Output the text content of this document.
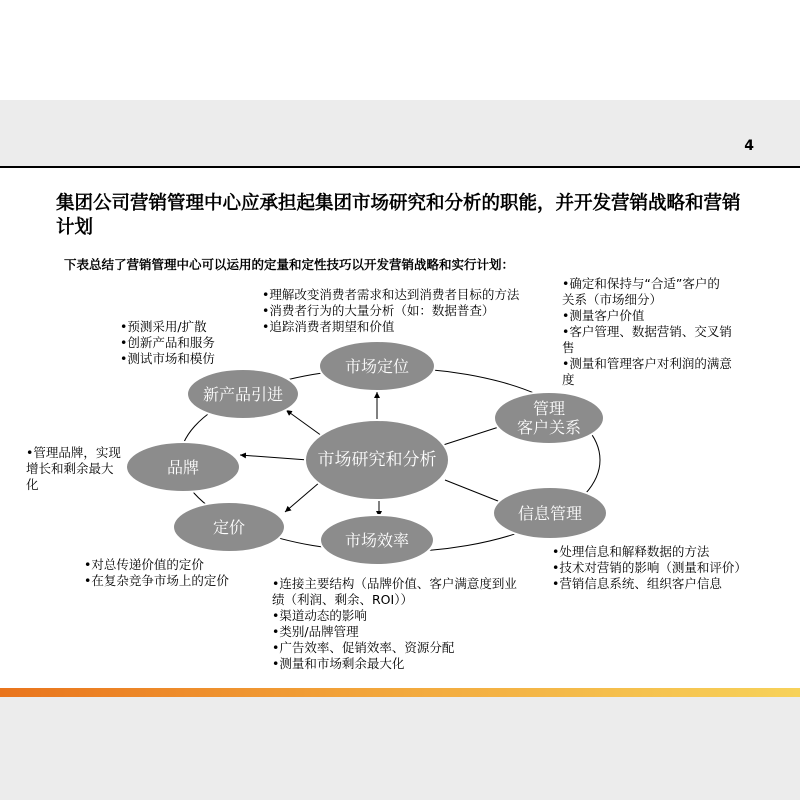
4
集团公司营销管理中心应承担起集团市场研究和分析的职能，并开发营销战略和营销计划
下表总结了营销管理中心可以运用的定量和定性技巧以开发营销战略和实行计划：
市场研究和分析
市场定位
管理
客户关系
信息管理
市场效率
定价
品牌
新产品引进
•理解改变消费者需求和达到消费者目标的方法
•消费者行为的大量分析（如：数据普查）
•追踪消费者期望和价值
•确定和保持与“合适”客户的
关系（市场细分）
•测量客户价值
•客户管理、数据营销、交叉销
售
•测量和管理客户对利润的满意
度
•处理信息和解释数据的方法
•技术对营销的影响（测量和评价）
•营销信息系统、组织客户信息
•连接主要结构（品牌价值、客户满意度到业
绩（利润、剩余、ROI））
•渠道动态的影响
•类别/品牌管理
•广告效率、促销效率、资源分配
•测量和市场剩余最大化
•对总传递价值的定价
•在复杂竞争市场上的定价
•管理品牌，实现
增长和剩余最大
化
•预测采用/扩散
•创新产品和服务
•测试市场和模仿
